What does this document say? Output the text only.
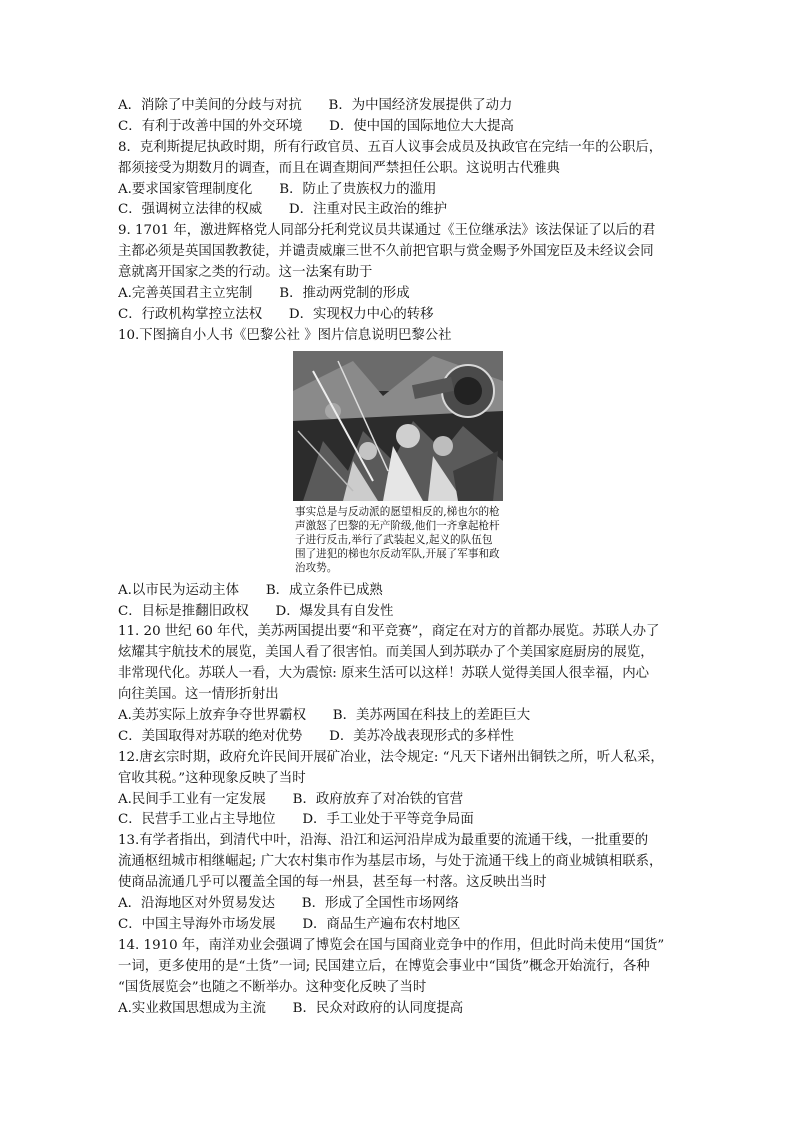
A．消除了中美间的分歧与对抗　　B．为中国经济发展提供了动力
C．有利于改善中国的外交环境　　D．使中国的国际地位大大提高
8．克利斯提尼执政时期，所有行政官员、五百人议事会成员及执政官在完结一年的公职后，
都须接受为期数月的调查，而且在调查期间严禁担任公职。这说明古代雅典
A.要求国家管理制度化　　B．防止了贵族权力的滥用
C．强调树立法律的权威　　D．注重对民主政治的维护
9. 1701 年，激进辉格党人同部分托利党议员共谋通过《王位继承法》该法保证了以后的君
主都必须是英国国教教徒，并谴责威廉三世不久前把官职与赏金赐予外国宠臣及未经议会同
意就离开国家之类的行动。这一法案有助于
A.完善英国君主立宪制　　B．推动两党制的形成
C．行政机构掌控立法权　　D．实现权力中心的转移
10.下图摘自小人书《巴黎公社 》图片信息说明巴黎公社
事实总是与反动派的愿望相反的,梯也尔的枪声激怒了巴黎的无产阶级,他们一齐拿起枪杆子进行反击,举行了武装起义,起义的队伍包围了进犯的梯也尔反动军队,开展了军事和政治攻势。
A.以市民为运动主体　　B．成立条件已成熟
C．目标是推翻旧政权　　D．爆发具有自发性
11. 20 世纪 60 年代，美苏两国提出要“和平竞赛”，商定在对方的首都办展览。苏联人办了
炫耀其宇航技术的展览，美国人看了很害怕。而美国人到苏联办了个美国家庭厨房的展览，
非常现代化。苏联人一看，大为震惊: 原来生活可以这样！苏联人觉得美国人很幸福，内心
向往美国。这一情形折射出
A.美苏实际上放弃争夺世界霸权　　B．美苏两国在科技上的差距巨大
C．美国取得对苏联的绝对优势　　D．美苏冷战表现形式的多样性
12.唐玄宗时期，政府允许民间开展矿冶业，法令规定: “凡天下诸州出铜铁之所，听人私采，
官收其税。”这种现象反映了当时
A.民间手工业有一定发展　　B．政府放弃了对冶铁的官营
C．民营手工业占主导地位　　D．手工业处于平等竞争局面
13.有学者指出，到清代中叶，沿海、沿江和运河沿岸成为最重要的流通干线，一批重要的
流通枢纽城市相继崛起; 广大农村集市作为基层市场，与处于流通干线上的商业城镇相联系，
使商品流通几乎可以覆盖全国的每一州县，甚至每一村落。这反映出当时
A．沿海地区对外贸易发达　　B．形成了全国性市场网络
C．中国主导海外市场发展　　D．商品生产遍布农村地区
14. 1910 年，南洋劝业会强调了博览会在国与国商业竞争中的作用，但此时尚未使用“国货”
一词，更多使用的是“土货”一词; 民国建立后，在博览会事业中“国货”概念开始流行，各种
“国货展览会”也随之不断举办。这种变化反映了当时
A.实业救国思想成为主流　　B．民众对政府的认同度提高
